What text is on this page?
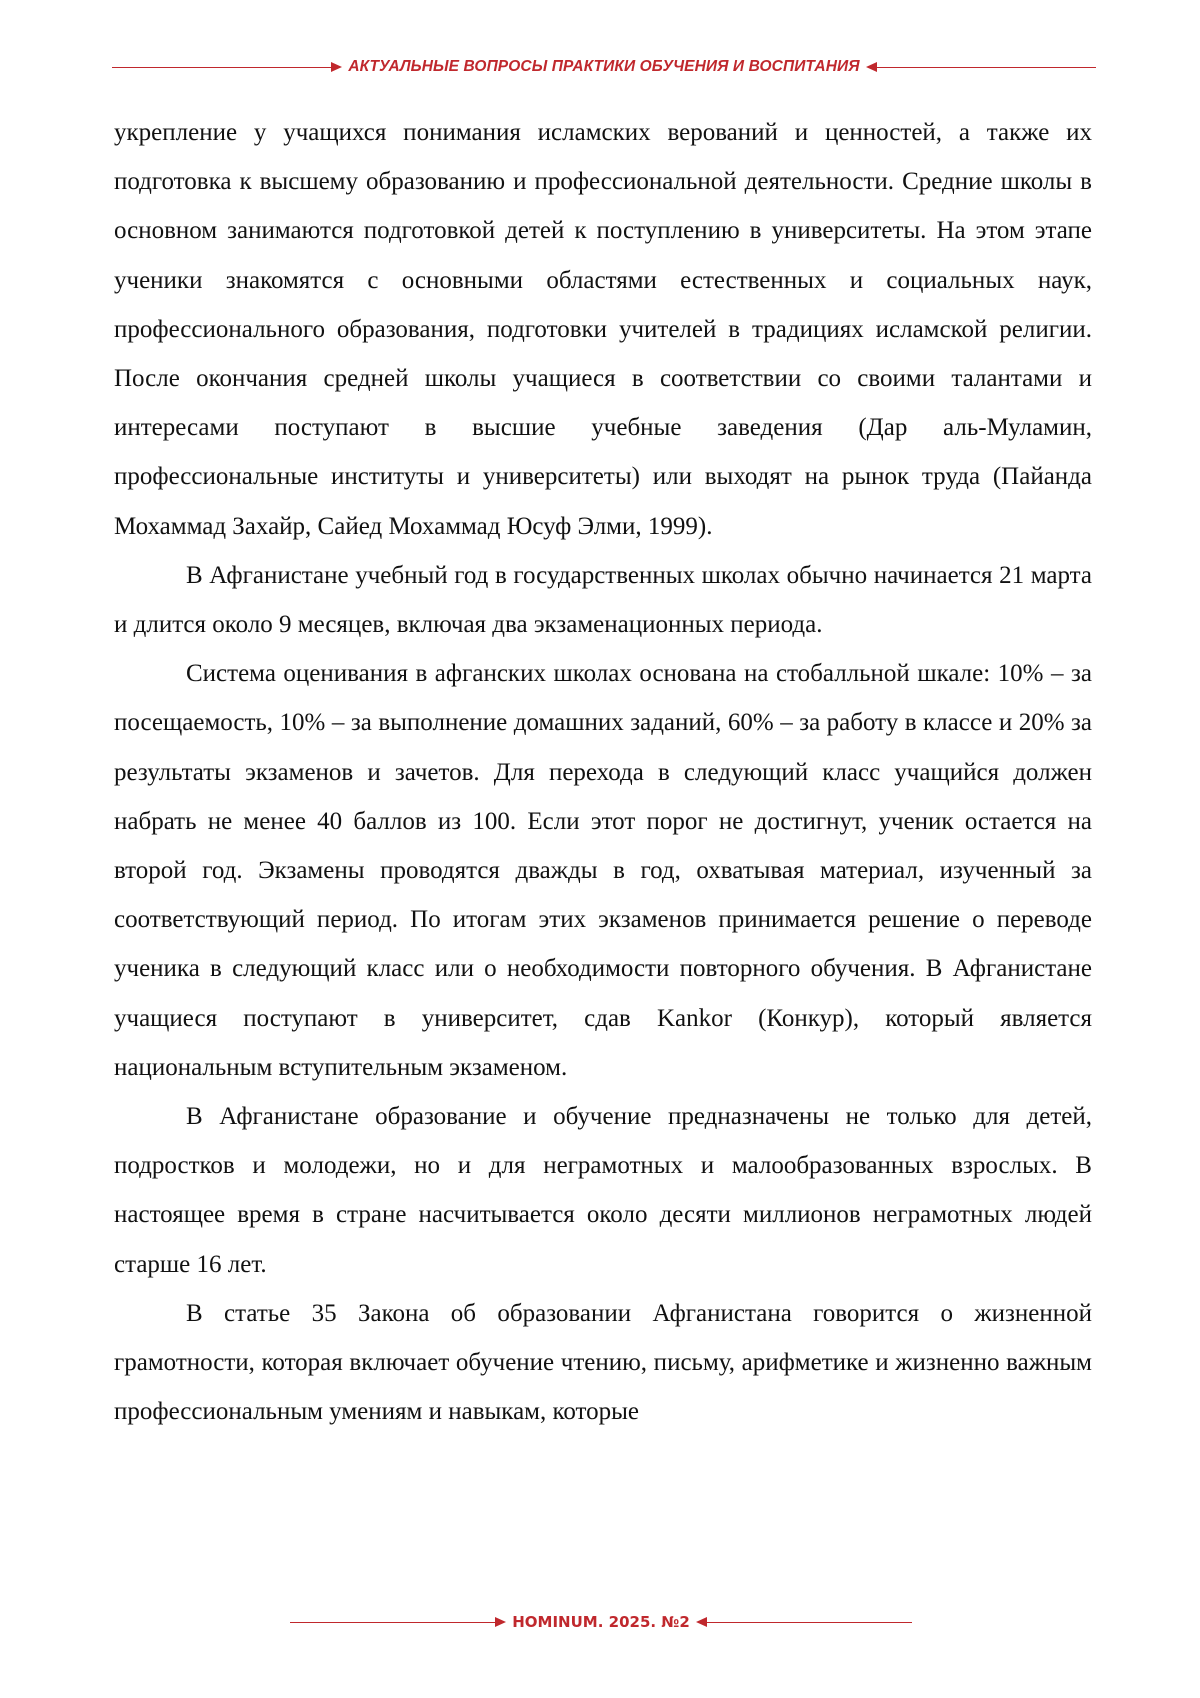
АКТУАЛЬНЫЕ ВОПРОСЫ ПРАКТИКИ ОБУЧЕНИЯ И ВОСПИТАНИЯ

укрепление у учащихся понимания исламских верований и ценностей, а также их подготовка к высшему образованию и профессиональной деятельности. Средние школы в основном занимаются подготовкой детей к поступлению в университеты. На этом этапе ученики знакомятся с основными областями естественных и социальных наук, профессионального образования, подготовки учителей в традициях исламской религии. После окончания средней школы учащиеся в соответствии со своими талантами и интересами поступают в высшие учебные заведения (Дар аль-Муламин, профессиональные институты и университеты) или выходят на рынок труда (Пайанда Мохаммад Захайр, Сайед Мохаммад Юсуф Элми, 1999).

В Афганистане учебный год в государственных школах обычно начинается 21 марта и длится около 9 месяцев, включая два экзаменационных периода.

Система оценивания в афганских школах основана на стобалльной шкале: 10% – за посещаемость, 10% – за выполнение домашних заданий, 60% – за работу в классе и 20% за результаты экзаменов и зачетов. Для перехода в следующий класс учащийся должен набрать не менее 40 баллов из 100. Если этот порог не достигнут, ученик остается на второй год. Экзамены проводятся дважды в год, охватывая материал, изученный за соответствующий период. По итогам этих экзаменов принимается решение о переводе ученика в следующий класс или о необходимости повторного обучения. В Афганистане учащиеся поступают в университет, сдав Kankor (Конкур), который является национальным вступительным экзаменом.

В Афганистане образование и обучение предназначены не только для детей, подростков и молодежи, но и для неграмотных и малообразованных взрослых. В настоящее время в стране насчитывается около десяти миллионов неграмотных людей старше 16 лет.

В статье 35 Закона об образовании Афганистана говорится о жизненной грамотности, которая включает обучение чтению, письму, арифметике и жизненно важным профессиональным умениям и навыкам, которые

HOMINUM. 2025. №2
